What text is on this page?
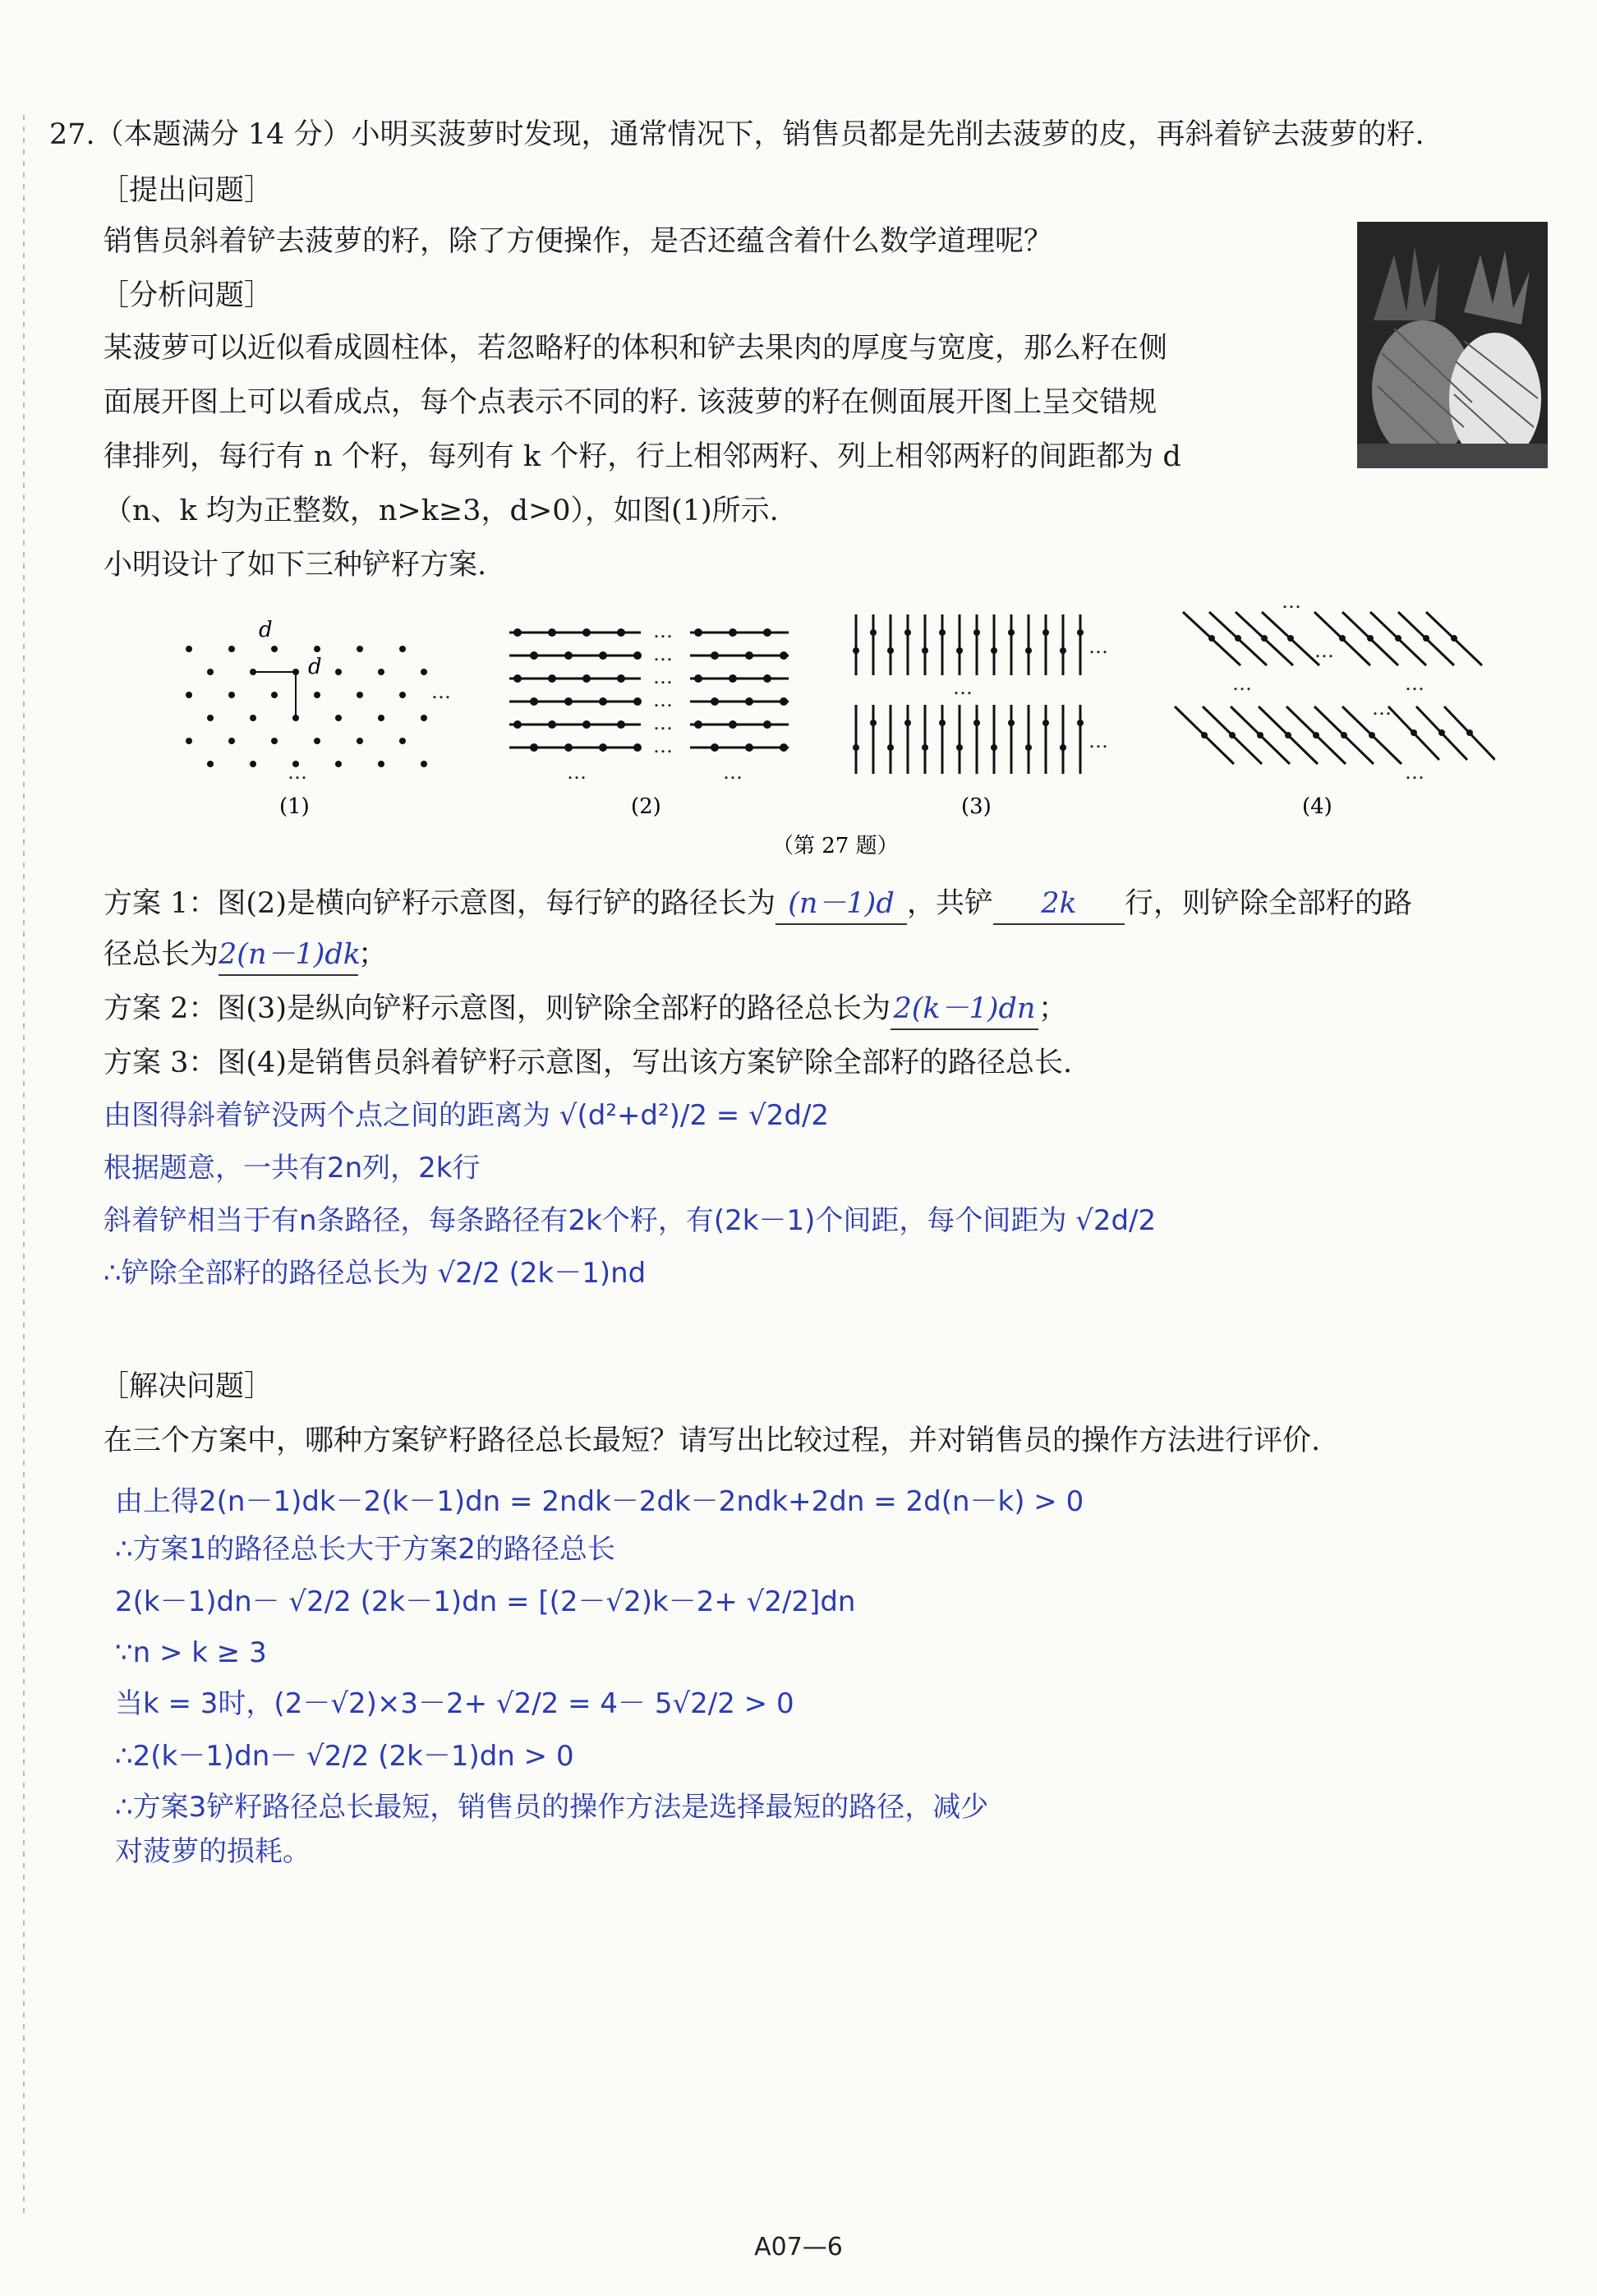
27.（本题满分 14 分）小明买菠萝时发现，通常情况下，销售员都是先削去菠萝的皮，再斜着铲去菠萝的籽.
［提出问题］
销售员斜着铲去菠萝的籽，除了方便操作，是否还蕴含着什么数学道理呢？
［分析问题］
某菠萝可以近似看成圆柱体，若忽略籽的体积和铲去果肉的厚度与宽度，那么籽在侧
面展开图上可以看成点，每个点表示不同的籽. 该菠萝的籽在侧面展开图上呈交错规
律排列，每行有 n 个籽，每列有 k 个籽，行上相邻两籽、列上相邻两籽的间距都为 d
（n、k 均为正整数，n>k≥3，d>0），如图(1)所示.
小明设计了如下三种铲籽方案.
…
…
…
…
…
…
…
…
…	…
…
…
…
…
…
…	…
…
…
d
d
(1)	(2)	(3)	(4)
（第 27 题）
方案 1：图(2)是横向铲籽示意图，每行铲的路径长为 (n－1)d ，共铲 2k 行，则铲除全部籽的路
径总长为2(n－1)dk；
方案 2：图(3)是纵向铲籽示意图，则铲除全部籽的路径总长为2(k－1)dn ；
方案 3：图(4)是销售员斜着铲籽示意图，写出该方案铲除全部籽的路径总长.
由图得斜着铲没两个点之间的距离为 √(d²+d²)/2 = √2d/2
根据题意，一共有2n列，2k行
斜着铲相当于有n条路径，每条路径有2k个籽，有(2k－1)个间距，每个间距为 √2d/2
∴铲除全部籽的路径总长为 √2/2 (2k－1)nd
［解决问题］
在三个方案中，哪种方案铲籽路径总长最短？请写出比较过程，并对销售员的操作方法进行评价.
由上得2(n－1)dk－2(k－1)dn = 2ndk－2dk－2ndk+2dn = 2d(n－k) > 0
∴方案1的路径总长大于方案2的路径总长
2(k－1)dn－ √2/2 (2k－1)dn = [(2－√2)k－2+ √2/2]dn
∵n > k ≥ 3
当k = 3时，(2－√2)×3－2+ √2/2 = 4－ 5√2/2 > 0
∴2(k－1)dn－ √2/2 (2k－1)dn > 0
∴方案3铲籽路径总长最短，销售员的操作方法是选择最短的路径，减少
对菠萝的损耗。
A07—6
